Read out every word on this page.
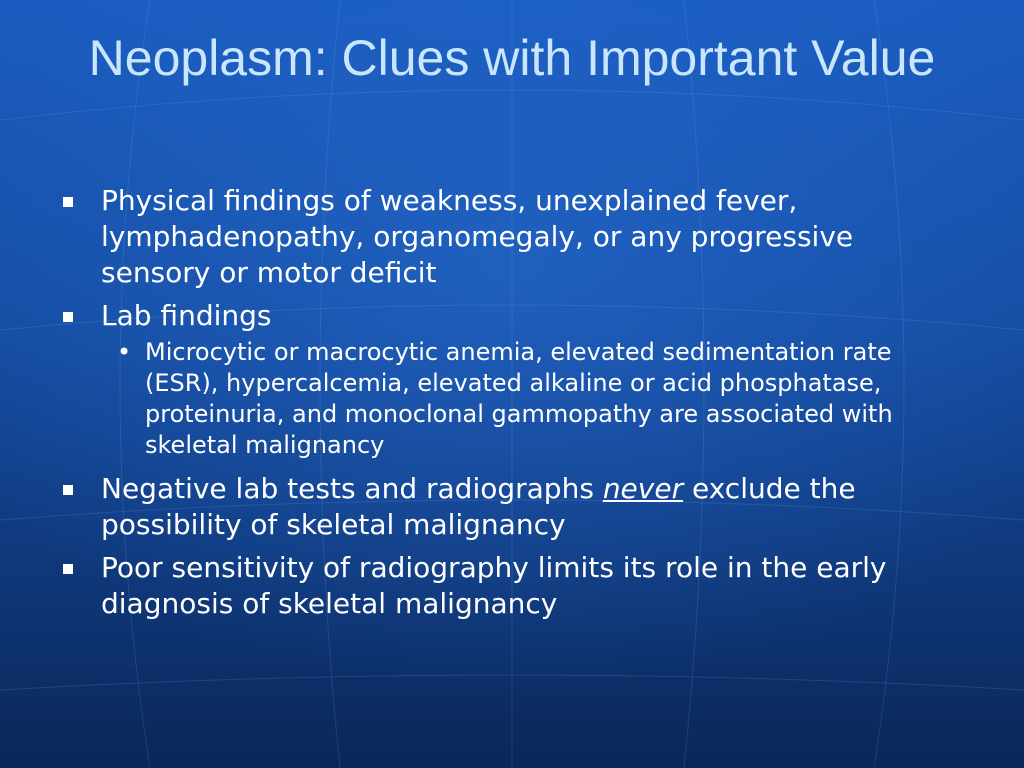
Neoplasm: Clues with Important Value
Physical findings of weakness, unexplained fever, lymphadenopathy, organomegaly, or any progressive sensory or motor deficit
Lab findings
• Microcytic or macrocytic anemia, elevated sedimentation rate (ESR), hypercalcemia, elevated alkaline or acid phosphatase, proteinuria, and monoclonal gammopathy are associated with skeletal malignancy
Negative lab tests and radiographs never exclude the possibility of skeletal malignancy
Poor sensitivity of radiography limits its role in the early diagnosis of skeletal malignancy
